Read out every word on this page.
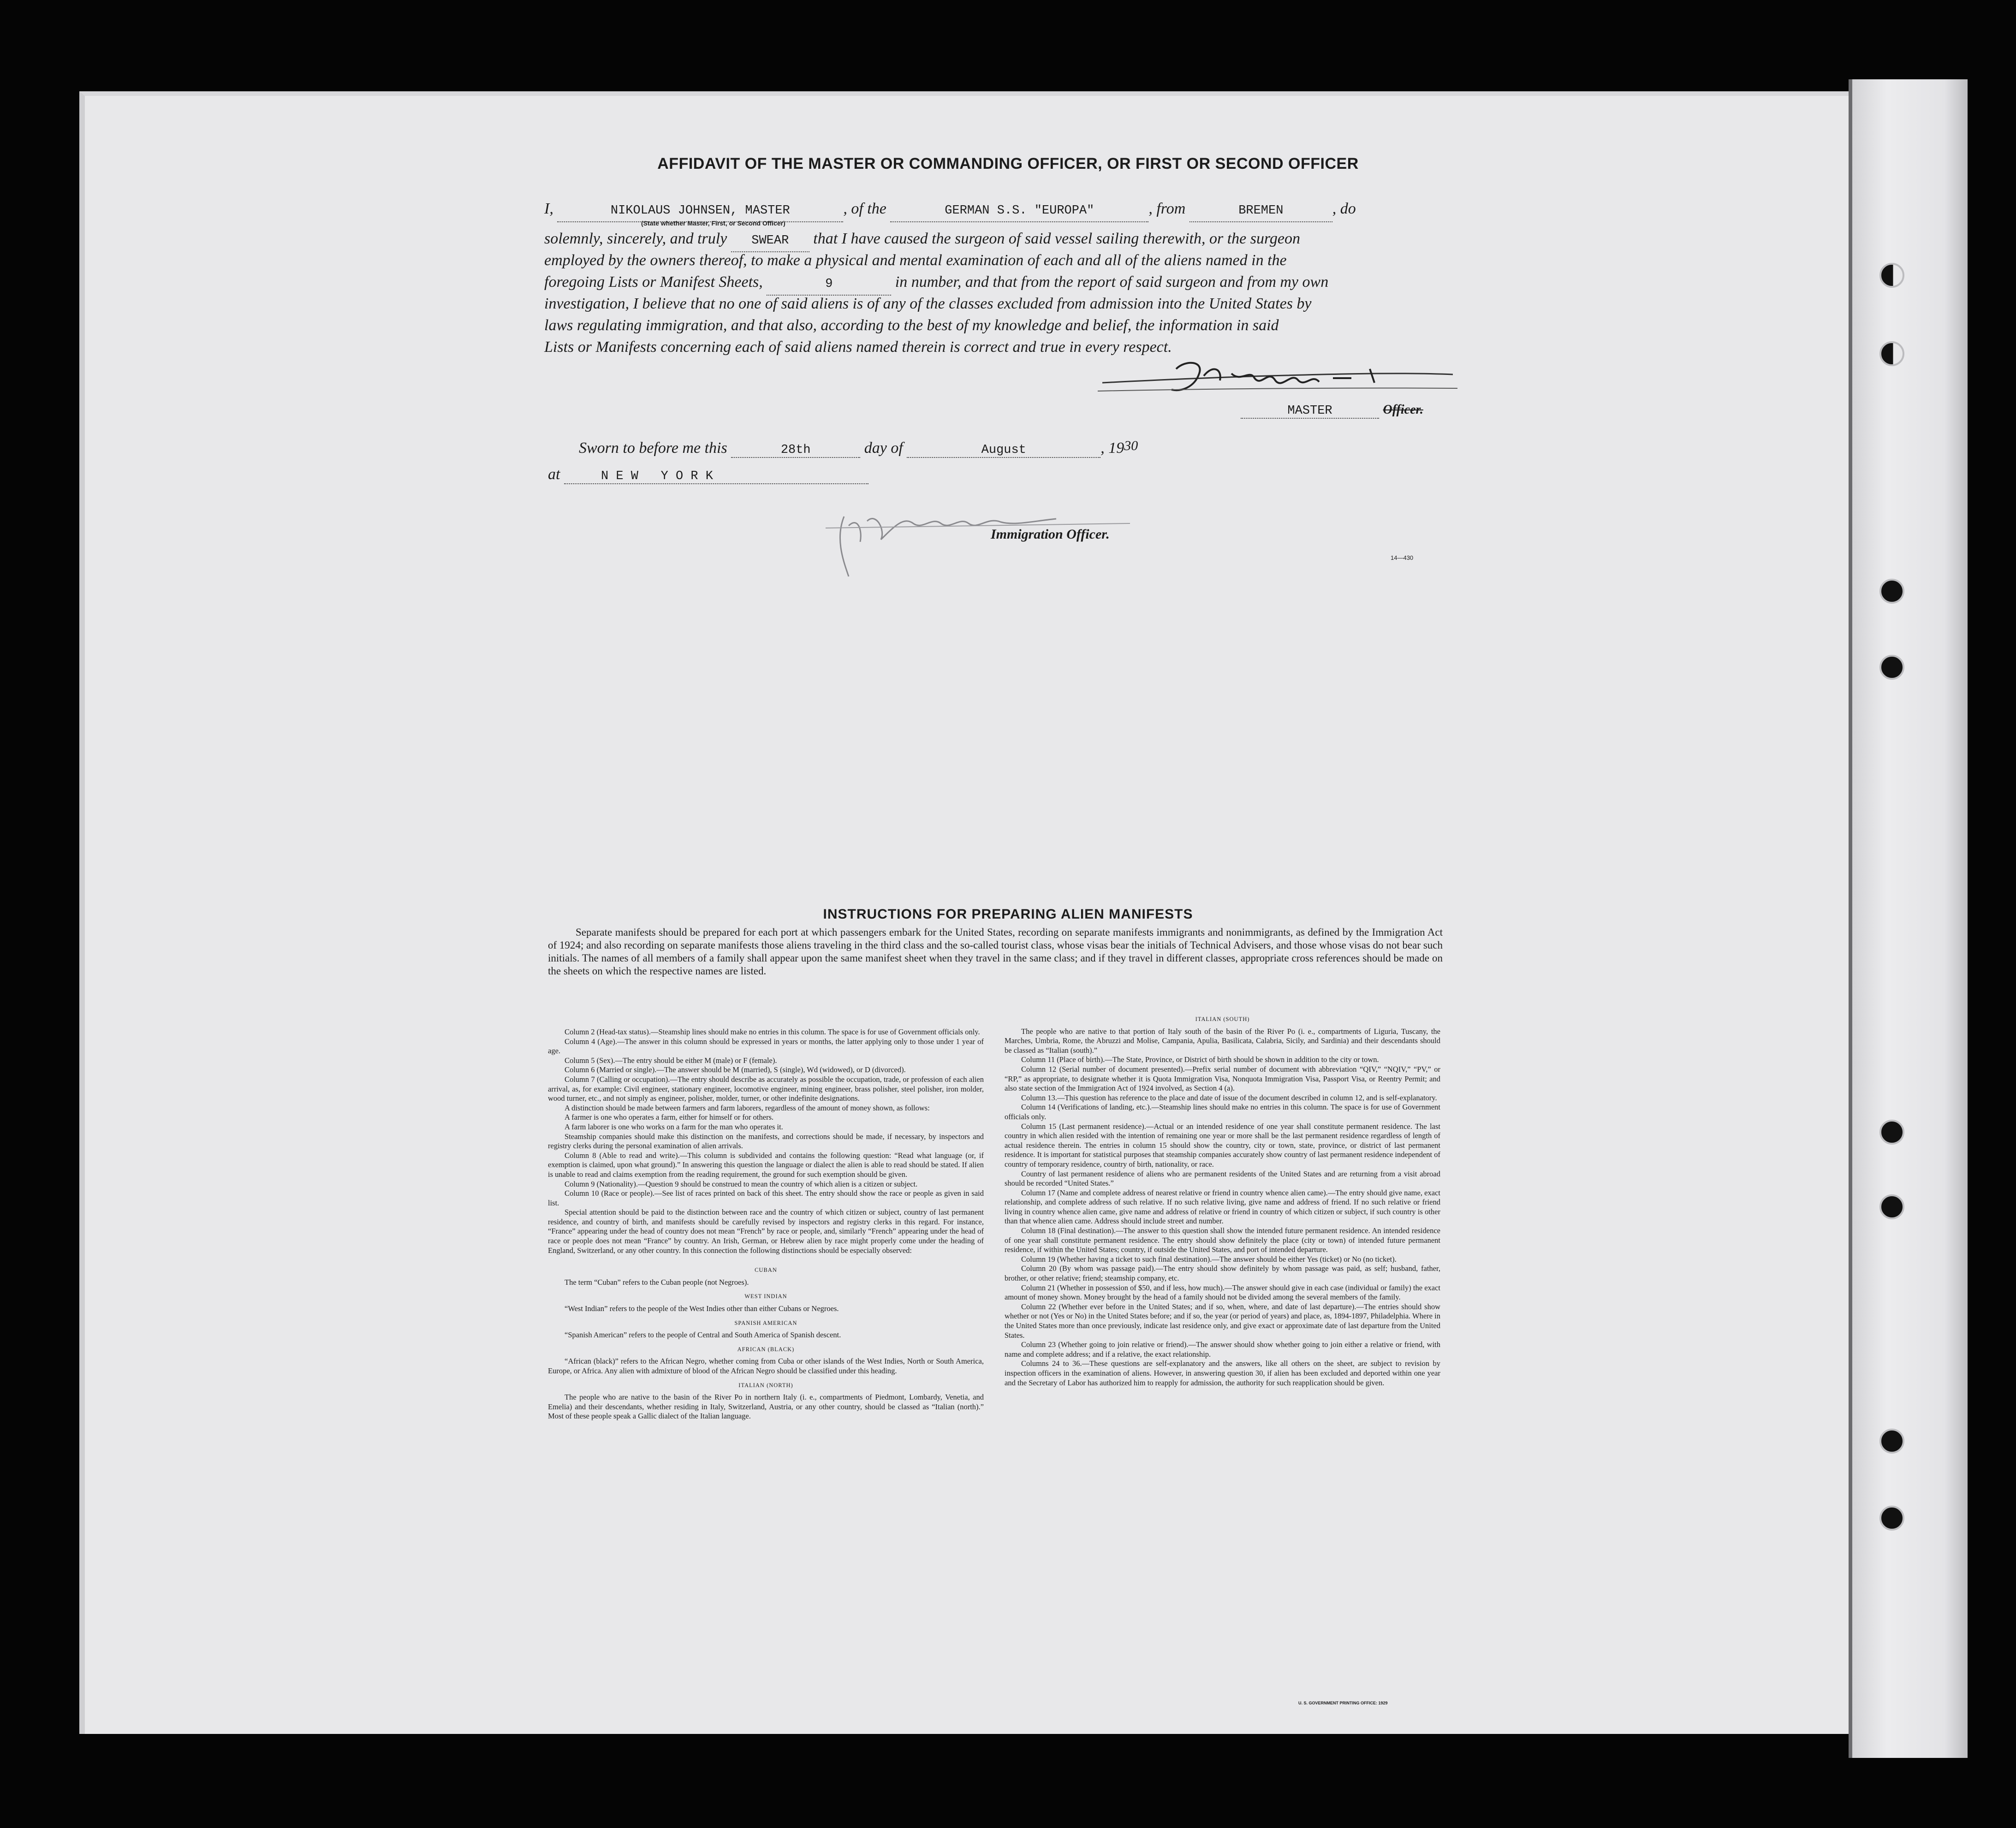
AFFIDAVIT OF THE MASTER OR COMMANDING OFFICER, OR FIRST OR SECOND OFFICER
I,	NIKOLAUS JOHNSEN, MASTER	, of the	GERMAN S.S. "EUROPA"	, from	BREMEN	, do
(State whether Master, First, or Second Officer)
solemnly, sincerely, and truly SWEAR that I have caused the surgeon of said vessel sailing therewith, or the surgeon
employed by the owners thereof, to make a physical and mental examination of each and all of the aliens named in the
foregoing Lists or Manifest Sheets,	9	in number, and that from the report of said surgeon and from my own
investigation, I believe that no one of said aliens is of any of the classes excluded from admission into the United States by
laws regulating immigration, and that also, according to the best of my knowledge and belief, the information in said
Lists or Manifests concerning each of said aliens named therein is correct and true in every respect.
MASTER	Officer.
Sworn to before me this	28th	day of	August	, 1930
at	N E W   Y O R K
Immigration Officer.
14—430
INSTRUCTIONS FOR PREPARING ALIEN MANIFESTS
Separate manifests should be prepared for each port at which passengers embark for the United States, recording on separate manifests immigrants and nonimmigrants, as defined by the Immigration Act of 1924; and also recording on separate manifests those aliens traveling in the third class and the so-called tourist class, whose visas bear the initials of Technical Advisers, and those whose visas do not bear such initials. The names of all members of a family shall appear upon the same manifest sheet when they travel in the same class; and if they travel in different classes, appropriate cross references should be made on the sheets on which the respective names are listed.

Column 2 (Head-tax status).—Steamship lines should make no entries in this column. The space is for use of Government officials only.

Column 4 (Age).—The answer in this column should be expressed in years or months, the latter applying only to those under 1 year of age.

Column 5 (Sex).—The entry should be either M (male) or F (female).

Column 6 (Married or single).—The answer should be M (married), S (single), Wd (widowed), or D (divorced).

Column 7 (Calling or occupation).—The entry should describe as accurately as possible the occupation, trade, or profession of each alien arrival, as, for example: Civil engineer, stationary engineer, locomotive engineer, mining engineer, brass polisher, steel polisher, iron molder, wood turner, etc., and not simply as engineer, polisher, molder, turner, or other indefinite designations.

A distinction should be made between farmers and farm laborers, regardless of the amount of money shown, as follows:

A farmer is one who operates a farm, either for himself or for others.

A farm laborer is one who works on a farm for the man who operates it.

Steamship companies should make this distinction on the manifests, and corrections should be made, if necessary, by inspectors and registry clerks during the personal examination of alien arrivals.

Column 8 (Able to read and write).—This column is subdivided and contains the following question: “Read what language (or, if exemption is claimed, upon what ground).” In answering this question the language or dialect the alien is able to read should be stated. If alien is unable to read and claims exemption from the reading requirement, the ground for such exemption should be given.

Column 9 (Nationality).—Question 9 should be construed to mean the country of which alien is a citizen or subject.

Column 10 (Race or people).—See list of races printed on back of this sheet. The entry should show the race or people as given in said list.

Special attention should be paid to the distinction between race and the country of which citizen or subject, country of last permanent residence, and country of birth, and manifests should be carefully revised by inspectors and registry clerks in this regard. For instance, “France” appearing under the head of country does not mean “French” by race or people, and, similarly “French” appearing under the head of race or people does not mean “France” by country. An Irish, German, or Hebrew alien by race might properly come under the heading of England, Switzerland, or any other country. In this connection the following distinctions should be especially observed:

CUBAN

The term “Cuban” refers to the Cuban people (not Negroes).

WEST INDIAN

“West Indian” refers to the people of the West Indies other than either Cubans or Negroes.

SPANISH AMERICAN

“Spanish American” refers to the people of Central and South America of Spanish descent.

AFRICAN (BLACK)

“African (black)” refers to the African Negro, whether coming from Cuba or other islands of the West Indies, North or South America, Europe, or Africa. Any alien with admixture of blood of the African Negro should be classified under this heading.

ITALIAN (NORTH)

The people who are native to the basin of the River Po in northern Italy (i. e., compartments of Piedmont, Lombardy, Venetia, and Emelia) and their descendants, whether residing in Italy, Switzerland, Austria, or any other country, should be classed as “Italian (north).” Most of these people speak a Gallic dialect of the Italian language.

ITALIAN (SOUTH)

The people who are native to that portion of Italy south of the basin of the River Po (i. e., compartments of Liguria, Tuscany, the Marches, Umbria, Rome, the Abruzzi and Molise, Campania, Apulia, Basilicata, Calabria, Sicily, and Sardinia) and their descendants should be classed as “Italian (south).”

Column 11 (Place of birth).—The State, Province, or District of birth should be shown in addition to the city or town.

Column 12 (Serial number of document presented).—Prefix serial number of document with abbreviation “QIV,” “NQIV,” “PV,” or “RP,” as appropriate, to designate whether it is Quota Immigration Visa, Nonquota Immigration Visa, Passport Visa, or Reentry Permit; and also state section of the Immigration Act of 1924 involved, as Section 4 (a).

Column 13.—This question has reference to the place and date of issue of the document described in column 12, and is self-explanatory.

Column 14 (Verifications of landing, etc.).—Steamship lines should make no entries in this column. The space is for use of Government officials only.

Column 15 (Last permanent residence).—Actual or an intended residence of one year shall constitute permanent residence. The last country in which alien resided with the intention of remaining one year or more shall be the last permanent residence regardless of length of actual residence therein. The entries in column 15 should show the country, city or town, state, province, or district of last permanent residence. It is important for statistical purposes that steamship companies accurately show country of last permanent residence independent of country of temporary residence, country of birth, nationality, or race.

Country of last permanent residence of aliens who are permanent residents of the United States and are returning from a visit abroad should be recorded “United States.”

Column 17 (Name and complete address of nearest relative or friend in country whence alien came).—The entry should give name, exact relationship, and complete address of such relative. If no such relative living, give name and address of friend. If no such relative or friend living in country whence alien came, give name and address of relative or friend in country of which citizen or subject, if such country is other than that whence alien came. Address should include street and number.

Column 18 (Final destination).—The answer to this question shall show the intended future permanent residence. An intended residence of one year shall constitute permanent residence. The entry should show definitely the place (city or town) of intended future permanent residence, if within the United States; country, if outside the United States, and port of intended departure.

Column 19 (Whether having a ticket to such final destination).—The answer should be either Yes (ticket) or No (no ticket).

Column 20 (By whom was passage paid).—The entry should show definitely by whom passage was paid, as self; husband, father, brother, or other relative; friend; steamship company, etc.

Column 21 (Whether in possession of $50, and if less, how much).—The answer should give in each case (individual or family) the exact amount of money shown. Money brought by the head of a family should not be divided among the several members of the family.

Column 22 (Whether ever before in the United States; and if so, when, where, and date of last departure).—The entries should show whether or not (Yes or No) in the United States before; and if so, the year (or period of years) and place, as, 1894-1897, Philadelphia. Where in the United States more than once previously, indicate last residence only, and give exact or approximate date of last departure from the United States.

Column 23 (Whether going to join relative or friend).—The answer should show whether going to join either a relative or friend, with name and complete address; and if a relative, the exact relationship.

Columns 24 to 36.—These questions are self-explanatory and the answers, like all others on the sheet, are subject to revision by inspection officers in the examination of aliens. However, in answering question 30, if alien has been excluded and deported within one year and the Secretary of Labor has authorized him to reapply for admission, the authority for such reapplication should be given.

U. S. GOVERNMENT PRINTING OFFICE: 1929
